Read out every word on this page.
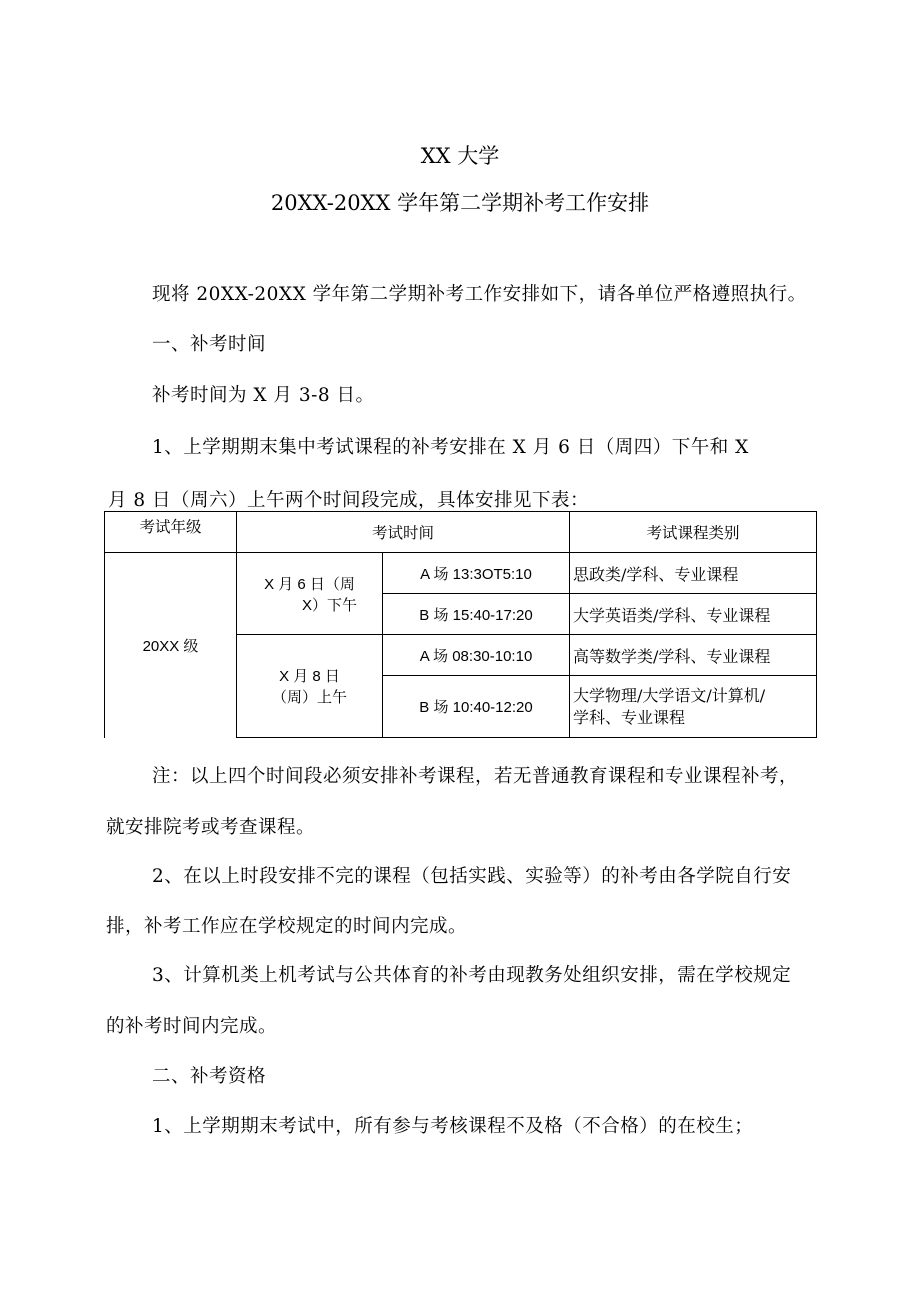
XX 大学
20XX-20XX 学年第二学期补考工作安排
现将 20XX-20XX 学年第二学期补考工作安排如下，请各单位严格遵照执行。
一、补考时间
补考时间为 X 月 3-8 日。
1、上学期期末集中考试课程的补考安排在 X 月 6 日（周四）下午和 X
月 8 日（周六）上午两个时间段完成，具体安排见下表：
考试年级	考试时间		考试课程类别
20XX 级	X 月 6 日（周
X）下午	A 场 13:3OT5:10	思政类/学科、专业课程
		B 场 15:40-17:20	大学英语类/学科、专业课程

	X 月 8 日
（周）上午	A 场 08:30-10:10	高等数学类/学科、专业课程
		B 场 10:40-12:20	大学物理/大学语文/计算机/
学科、专业课程
注：以上四个时间段必须安排补考课程，若无普通教育课程和专业课程补考，
就安排院考或考查课程。
2、在以上时段安排不完的课程（包括实践、实验等）的补考由各学院自行安
排，补考工作应在学校规定的时间内完成。
3、计算机类上机考试与公共体育的补考由现教务处组织安排，需在学校规定
的补考时间内完成。
二、补考资格
1、上学期期末考试中，所有参与考核课程不及格（不合格）的在校生；
